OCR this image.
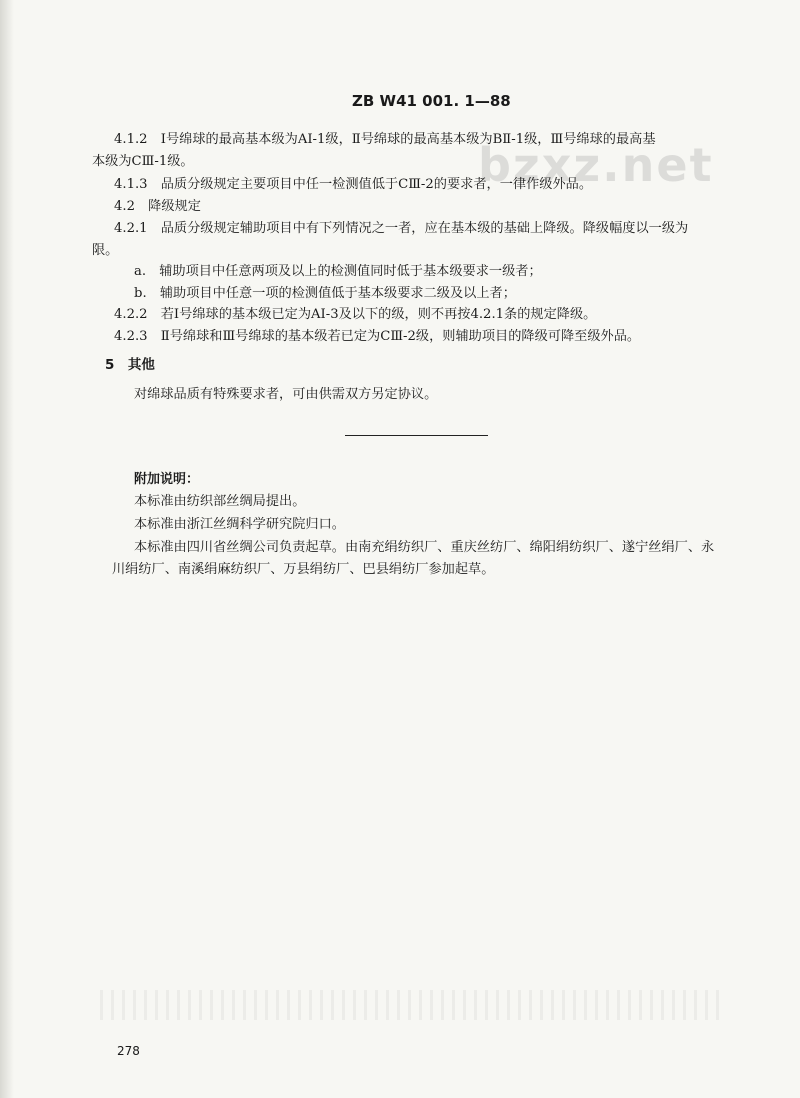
bzxz.net
ZB W41 001. 1—88
4.1.2　Ⅰ号绵球的最高基本级为AⅠ-1级，Ⅱ号绵球的最高基本级为BⅡ-1级，Ⅲ号绵球的最高基
本级为CⅢ-1级。
4.1.3　品质分级规定主要项目中任一检测值低于CⅢ-2的要求者，一律作级外品。
4.2　降级规定
4.2.1　品质分级规定辅助项目中有下列情况之一者，应在基本级的基础上降级。降级幅度以一级为
限。
a.　辅助项目中任意两项及以上的检测值同时低于基本级要求一级者；
b.　辅助项目中任意一项的检测值低于基本级要求二级及以上者；
4.2.2　若Ⅰ号绵球的基本级已定为AⅠ-3及以下的级，则不再按4.2.1条的规定降级。
4.2.3　Ⅱ号绵球和Ⅲ号绵球的基本级若已定为CⅢ-2级，则辅助项目的降级可降至级外品。
5　其他
对绵球品质有特殊要求者，可由供需双方另定协议。
附加说明：
本标准由纺织部丝绸局提出。
本标准由浙江丝绸科学研究院归口。
本标准由四川省丝绸公司负责起草。由南充绢纺织厂、重庆丝纺厂、绵阳绢纺织厂、遂宁丝绢厂、永
川绢纺厂、南溪绢麻纺织厂、万县绢纺厂、巴县绢纺厂参加起草。
278
